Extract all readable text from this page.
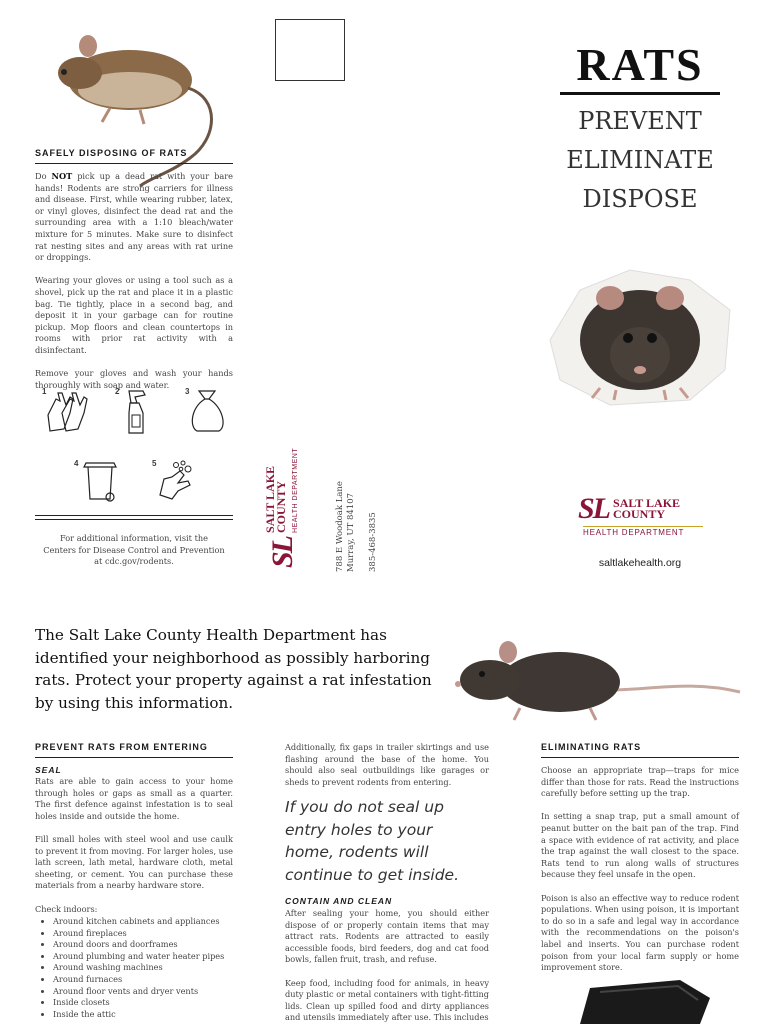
SAFELY DISPOSING OF RATS

Do NOT pick up a dead rat with your bare hands! Rodents are strong carriers for illness and disease. First, while wearing rubber, latex, or vinyl gloves, disinfect the dead rat and the surrounding area with a 1:10 bleach/water mixture for 5 minutes. Make sure to disinfect rat nesting sites and any areas with rat urine or droppings.

Wearing your gloves or using a tool such as a shovel, pick up the rat and place it in a plastic bag. Tie tightly, place in a second bag, and deposit it in your garbage can for routine pickup. Mop floors and clean countertops in rooms with prior rat activity with a disinfectant.

Remove your gloves and wash your hands thoroughly with soap and water.

1	2	3
4	5
For additional information, visit the
Centers for Disease Control and Prevention
at cdc.gov/rodents.	SL
SALT LAKE
COUNTY HEALTH DEPARTMENT	788 E Woodoak Lane Murray, UT 84107 385-468-3835
RATS
PREVENT
ELIMINATE
DISPOSE
SL SALT LAKE
COUNTY
HEALTH DEPARTMENT
saltlakehealth.org
The Salt Lake County Health Department has identified your neighborhood as possibly harboring rats. Protect your property against a rat infestation by using this information.
PREVENT RATS FROM ENTERING
SEAL

Rats are able to gain access to your home through holes or gaps as small as a quarter. The first defence against infestation is to seal holes inside and outside the home.

Fill small holes with steel wool and use caulk to prevent it from moving. For larger holes, use lath screen, lath metal, hardware cloth, metal sheeting, or cement. You can purchase these materials from a nearby hardware store.

Check indoors:
• Around kitchen cabinets and appliances
• Around fireplaces
• Around doors and doorframes
• Around plumbing and water heater pipes
• Around washing machines
• Around furnaces
• Around floor vents and dryer vents
• Inside closets
• Inside the attic
Additionally, fix gaps in trailer skirtings and use flashing around the base of the home. You should also seal outbuildings like garages or sheds to prevent rodents from entering.
If you do not seal up entry holes to your home, rodents will continue to get inside.
CONTAIN AND CLEAN

After sealing your home, you should either dispose of or properly contain items that may attract rats. Rodents are attracted to easily accessible foods, bird feeders, dog and cat food bowls, fallen fruit, trash, and refuse.

Keep food, including food for animals, in heavy duty plastic or metal containers with tight-fitting lids. Clean up spilled food and dirty appliances and utensils immediately after use. This includes

ELIMINATING RATS

Choose an appropriate trap—traps for mice differ than those for rats. Read the instructions carefully before setting up the trap.

In setting a snap trap, put a small amount of peanut butter on the bait pan of the trap. Find a space with evidence of rat activity, and place the trap against the wall closest to the space. Rats tend to run along walls of structures because they feel unsafe in the open.

Poison is also an effective way to reduce rodent populations. When using poison, it is important to do so in a safe and legal way in accordance with the recommendations on the poison's label and inserts. You can purchase rodent poison from your local farm supply or home improvement store.
